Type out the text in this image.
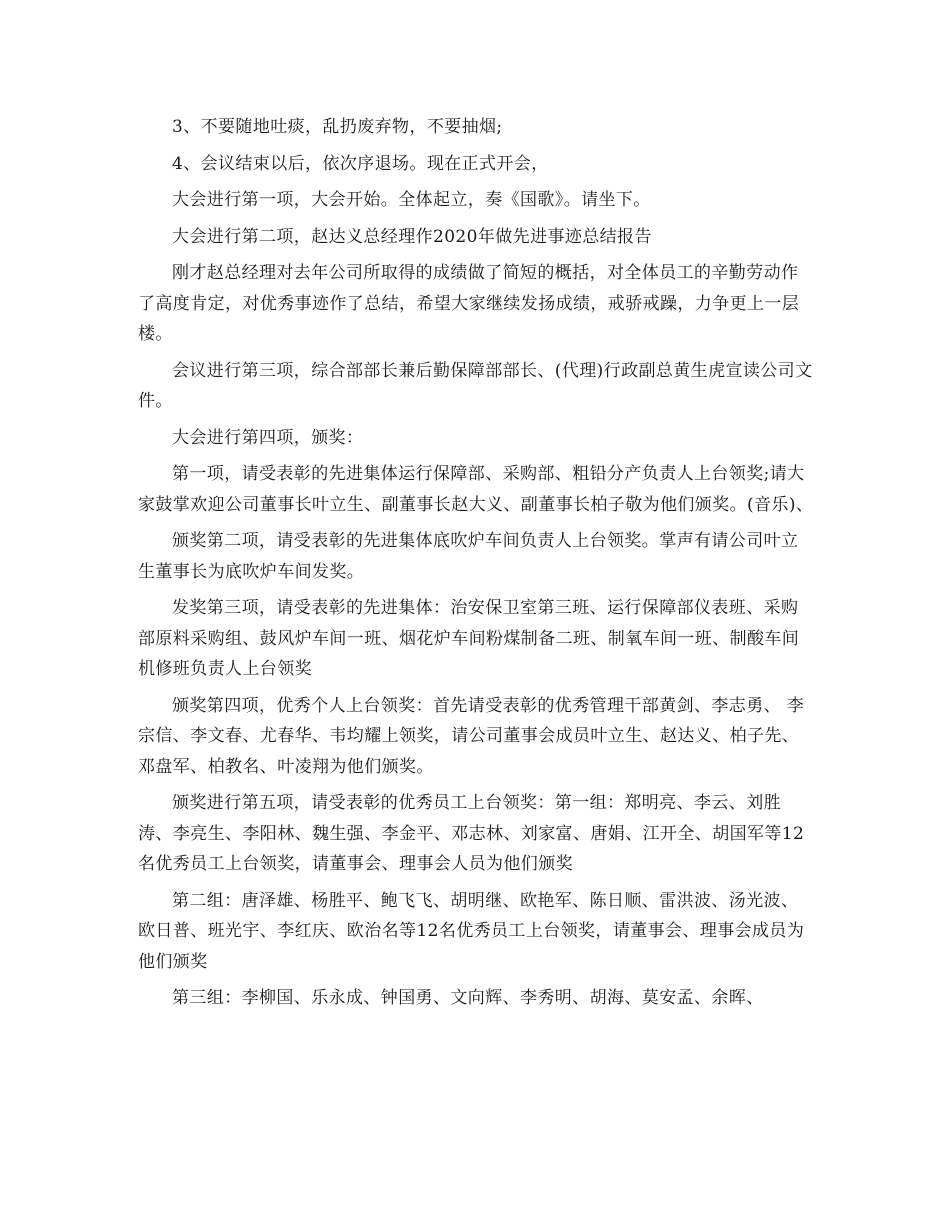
3、不要随地吐痰，乱扔废弃物，不要抽烟;

4、会议结束以后，依次序退场。现在正式开会，

大会进行第一项，大会开始。全体起立，奏《国歌》。请坐下。

大会进行第二项，赵达义总经理作2020年做先进事迹总结报告

刚才赵总经理对去年公司所取得的成绩做了简短的概括，对全体员工的辛勤劳动作了高度肯定，对优秀事迹作了总结，希望大家继续发扬成绩，戒骄戒躁，力争更上一层楼。

会议进行第三项，综合部部长兼后勤保障部部长、(代理)行政副总黄生虎宣读公司文件。

大会进行第四项，颁奖：

第一项，请受表彰的先进集体运行保障部、采购部、粗铅分产负责人上台领奖;请大家鼓掌欢迎公司董事长叶立生、副董事长赵大义、副董事长柏子敬为他们颁奖。(音乐)、

颁奖第二项，请受表彰的先进集体底吹炉车间负责人上台领奖。掌声有请公司叶立生董事长为底吹炉车间发奖。

发奖第三项，请受表彰的先进集体：治安保卫室第三班、运行保障部仪表班、采购部原料采购组、鼓风炉车间一班、烟花炉车间粉煤制备二班、制氧车间一班、制酸车间机修班负责人上台领奖

颁奖第四项，优秀个人上台领奖：首先请受表彰的优秀管理干部黄剑、李志勇、 李宗信、李文春、尤春华、韦均耀上领奖，请公司董事会成员叶立生、赵达义、柏子先、邓盘军、柏教名、叶凌翔为他们颁奖。

颁奖进行第五项，请受表彰的优秀员工上台领奖：第一组：郑明亮、李云、刘胜涛、李亮生、李阳林、魏生强、李金平、邓志林、刘家富、唐娟、江开全、胡国军等12名优秀员工上台领奖，请董事会、理事会人员为他们颁奖

第二组：唐泽雄、杨胜平、鲍飞飞、胡明继、欧艳军、陈日顺、雷洪波、汤光波、欧日普、班光宇、李红庆、欧治名等12名优秀员工上台领奖，请董事会、理事会成员为他们颁奖

第三组：李柳国、乐永成、钟国勇、文向辉、李秀明、胡海、莫安孟、余晖、
